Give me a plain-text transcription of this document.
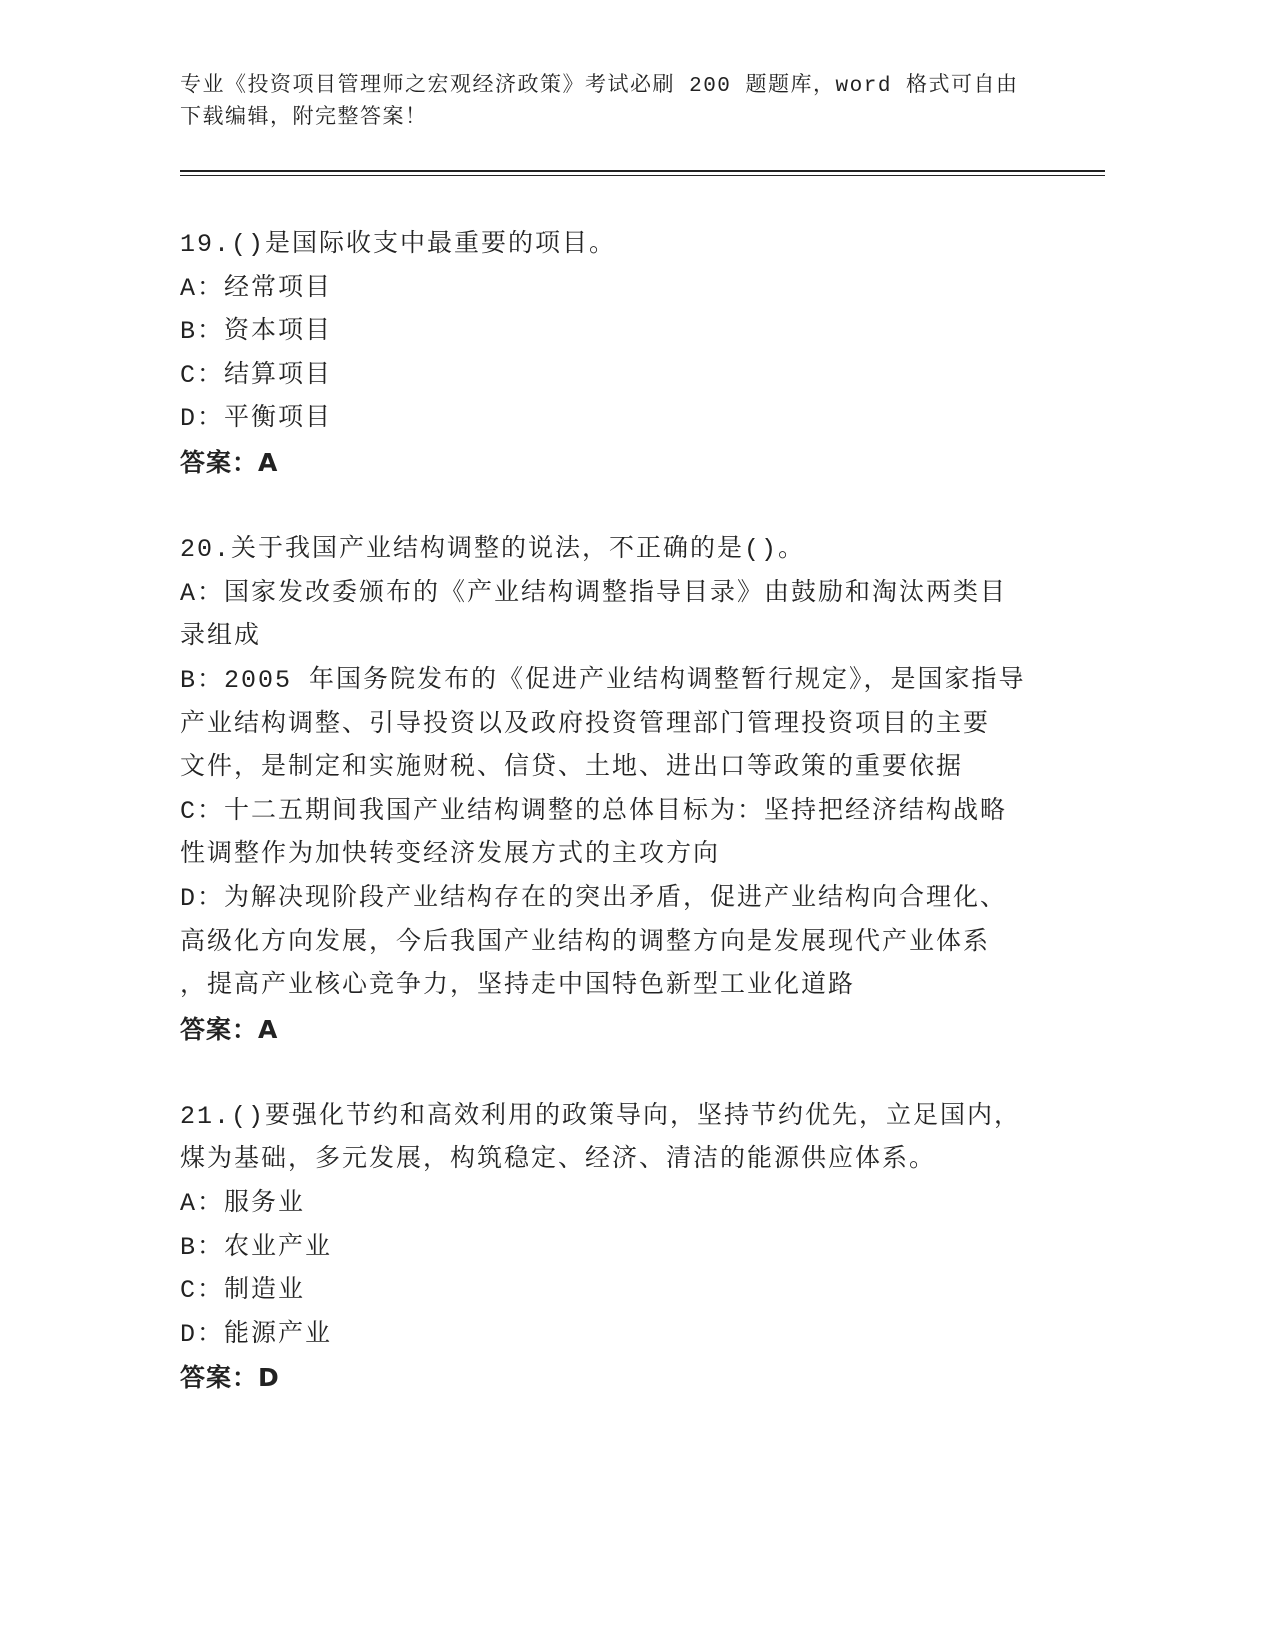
专业《投资项目管理师之宏观经济政策》考试必刷 200 题题库，word 格式可自由
下载编辑，附完整答案！
19.()是国际收支中最重要的项目。
A：经常项目
B：资本项目
C：结算项目
D：平衡项目
答案：A
20.关于我国产业结构调整的说法，不正确的是()。
A：国家发改委颁布的《产业结构调整指导目录》由鼓励和淘汰两类目
录组成
B：2005 年国务院发布的《促进产业结构调整暂行规定》，是国家指导
产业结构调整、引导投资以及政府投资管理部门管理投资项目的主要
文件，是制定和实施财税、信贷、土地、进出口等政策的重要依据
C：十二五期间我国产业结构调整的总体目标为：坚持把经济结构战略
性调整作为加快转变经济发展方式的主攻方向
D：为解决现阶段产业结构存在的突出矛盾，促进产业结构向合理化、
高级化方向发展，今后我国产业结构的调整方向是发展现代产业体系
，提高产业核心竞争力，坚持走中国特色新型工业化道路
答案：A
21.()要强化节约和高效利用的政策导向，坚持节约优先，立足国内，
煤为基础，多元发展，构筑稳定、经济、清洁的能源供应体系。
A：服务业
B：农业产业
C：制造业
D：能源产业
答案：D
